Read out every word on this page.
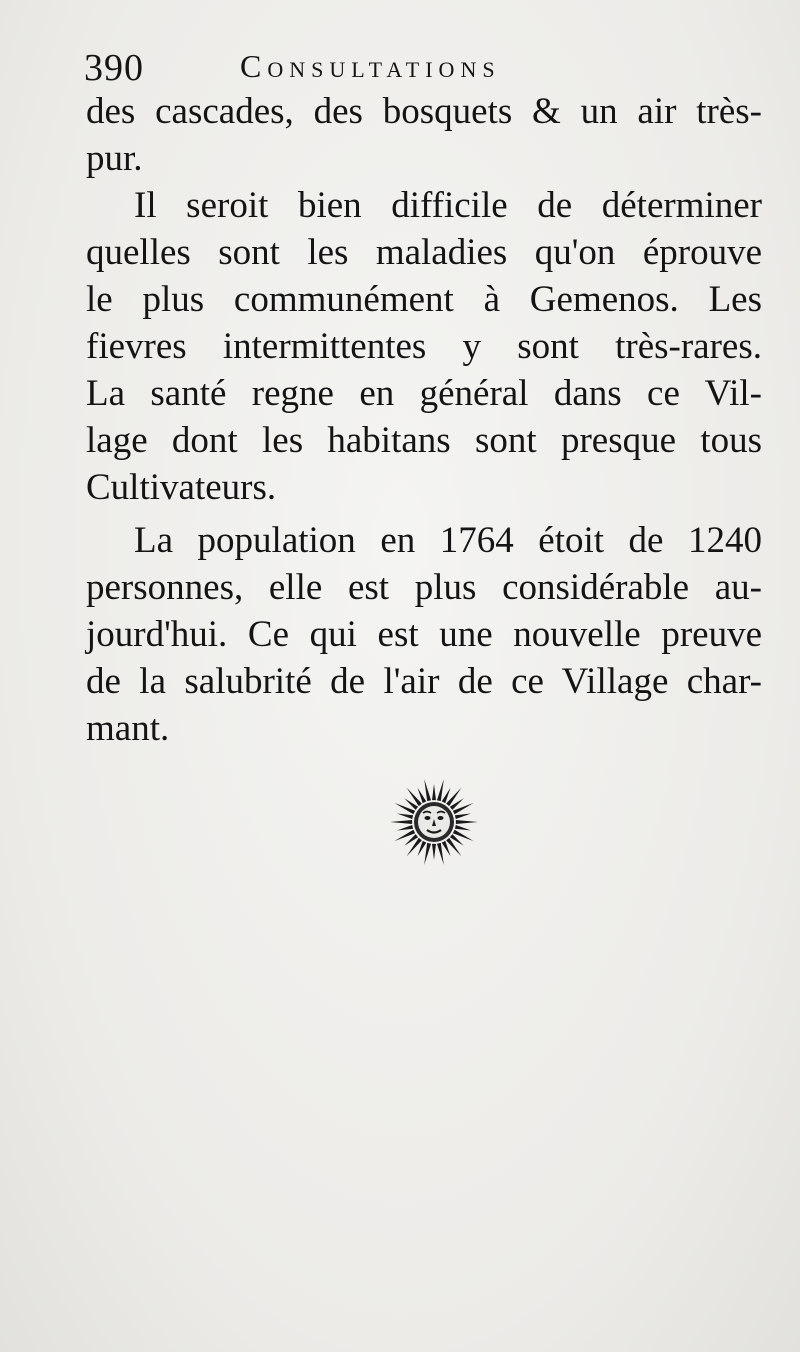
390	Consultations
des cascades, des bosquets & un air très-
pur.
Il seroit bien difficile de déterminer
quelles sont les maladies qu'on éprouve
le plus communément à Gemenos. Les
fievres intermittentes y sont très-rares.
La santé regne en général dans ce Vil-
lage dont les habitans sont presque tous
Cultivateurs.
La population en 1764 étoit de 1240
personnes, elle est plus considérable au-
jourd'hui. Ce qui est une nouvelle preuve
de la salubrité de l'air de ce Village char-
mant.
